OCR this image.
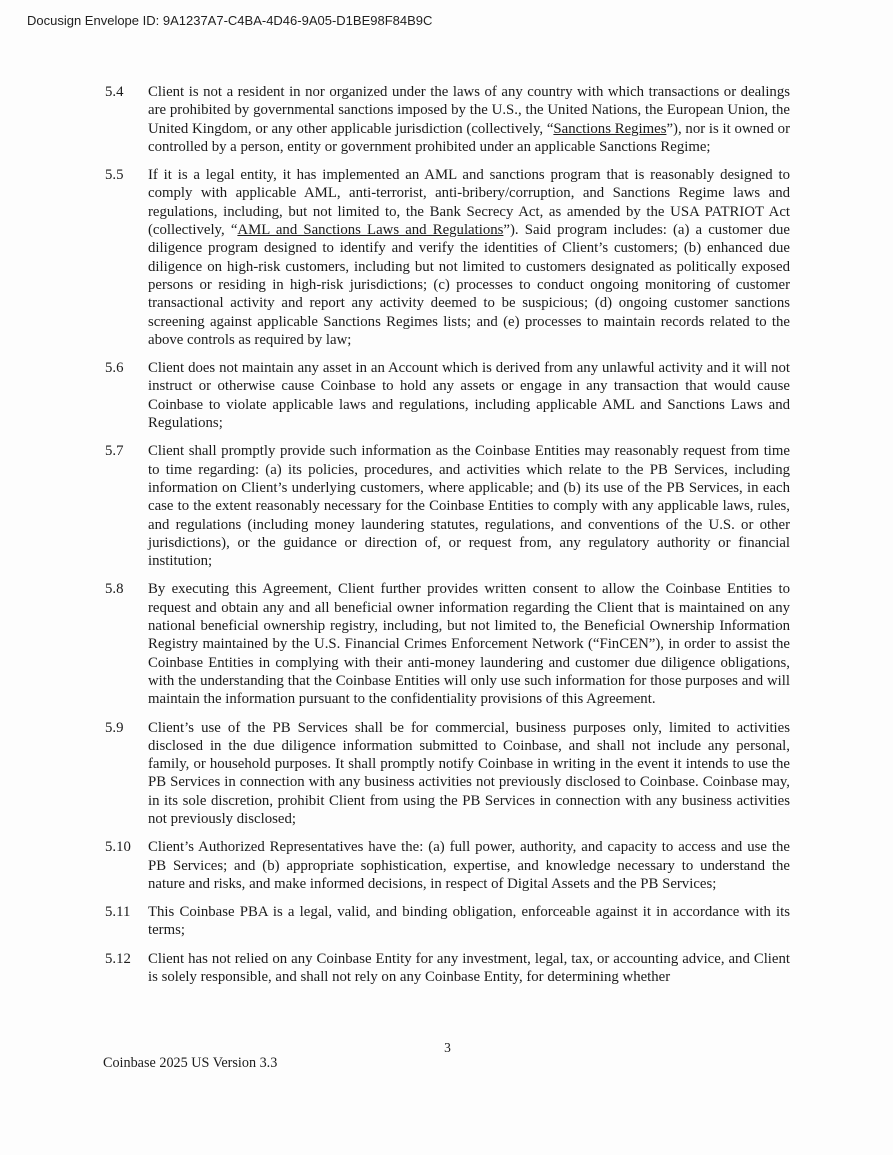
Docusign Envelope ID: 9A1237A7-C4BA-4D46-9A05-D1BE98F84B9C
5.4	Client is not a resident in nor organized under the laws of any country with which transactions or dealings are prohibited by governmental sanctions imposed by the U.S., the United Nations, the European Union, the United Kingdom, or any other applicable jurisdiction (collectively, “Sanctions Regimes”), nor is it owned or controlled by a person, entity or government prohibited under an applicable Sanctions Regime;

5.5	If it is a legal entity, it has implemented an AML and sanctions program that is reasonably designed to comply with applicable AML, anti-terrorist, anti-bribery/corruption, and Sanctions Regime laws and regulations, including, but not limited to, the Bank Secrecy Act, as amended by the USA PATRIOT Act (collectively, “AML and Sanctions Laws and Regulations”). Said program includes: (a) a customer due diligence program designed to identify and verify the identities of Client’s customers; (b) enhanced due diligence on high-risk customers, including but not limited to customers designated as politically exposed persons or residing in high-risk jurisdictions; (c) processes to conduct ongoing monitoring of customer transactional activity and report any activity deemed to be suspicious; (d) ongoing customer sanctions screening against applicable Sanctions Regimes lists; and (e) processes to maintain records related to the above controls as required by law;

5.6	Client does not maintain any asset in an Account which is derived from any unlawful activity and it will not instruct or otherwise cause Coinbase to hold any assets or engage in any transaction that would cause Coinbase to violate applicable laws and regulations, including applicable AML and Sanctions Laws and Regulations;

5.7	Client shall promptly provide such information as the Coinbase Entities may reasonably request from time to time regarding: (a) its policies, procedures, and activities which relate to the PB Services, including information on Client’s underlying customers, where applicable; and (b) its use of the PB Services, in each case to the extent reasonably necessary for the Coinbase Entities to comply with any applicable laws, rules, and regulations (including money laundering statutes, regulations, and conventions of the U.S. or other jurisdictions), or the guidance or direction of, or request from, any regulatory authority or financial institution;

5.8	By executing this Agreement, Client further provides written consent to allow the Coinbase Entities to request and obtain any and all beneficial owner information regarding the Client that is maintained on any national beneficial ownership registry, including, but not limited to, the Beneficial Ownership Information Registry maintained by the U.S. Financial Crimes Enforcement Network (“FinCEN”), in order to assist the Coinbase Entities in complying with their anti-money laundering and customer due diligence obligations, with the understanding that the Coinbase Entities will only use such information for those purposes and will maintain the information pursuant to the confidentiality provisions of this Agreement.

5.9	Client’s use of the PB Services shall be for commercial, business purposes only, limited to activities disclosed in the due diligence information submitted to Coinbase, and shall not include any personal, family, or household purposes. It shall promptly notify Coinbase in writing in the event it intends to use the PB Services in connection with any business activities not previously disclosed to Coinbase. Coinbase may, in its sole discretion, prohibit Client from using the PB Services in connection with any business activities not previously disclosed;

5.10	Client’s Authorized Representatives have the: (a) full power, authority, and capacity to access and use the PB Services; and (b) appropriate sophistication, expertise, and knowledge necessary to understand the nature and risks, and make informed decisions, in respect of Digital Assets and the PB Services;

5.11	This Coinbase PBA is a legal, valid, and binding obligation, enforceable against it in accordance with its terms;

5.12	Client has not relied on any Coinbase Entity for any investment, legal, tax, or accounting advice, and Client is solely responsible, and shall not rely on any Coinbase Entity, for determining whether

3
Coinbase 2025 US Version 3.3
